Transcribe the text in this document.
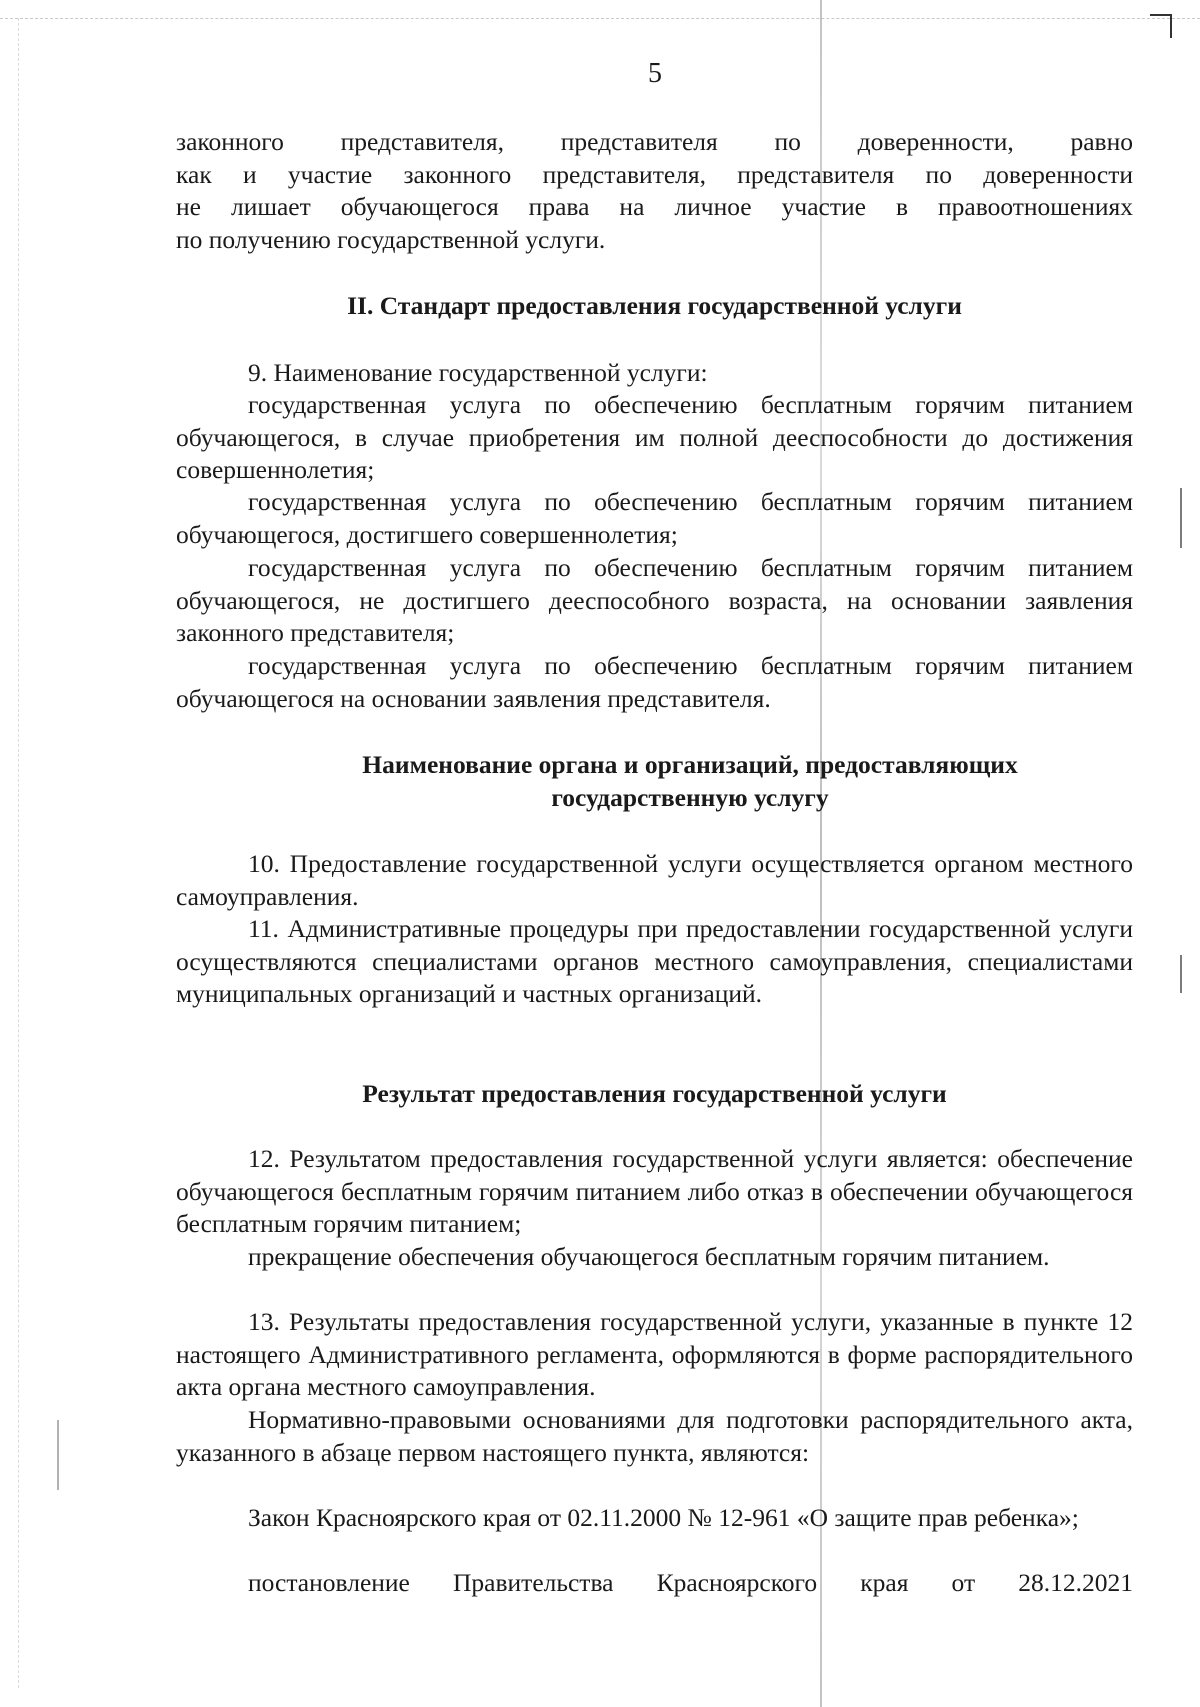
5

законного представителя, представителя по доверенности, равно

как и участие законного представителя, представителя по доверенности

не лишает обучающегося права на личное участие в правоотношениях

по получению государственной услуги.

II. Стандарт предоставления государственной услуги

9. Наименование государственной услуги:

государственная услуга по обеспечению бесплатным горячим питанием обучающегося, в случае приобретения им полной дееспособности до достижения совершеннолетия;

государственная услуга по обеспечению бесплатным горячим питанием обучающегося, достигшего совершеннолетия;

государственная услуга по обеспечению бесплатным горячим питанием обучающегося, не достигшего дееспособного возраста, на основании заявления законного представителя;

государственная услуга по обеспечению бесплатным горячим питанием обучающегося на основании заявления представителя.

Наименование органа и организаций, предоставляющих государственную услугу

10. Предоставление государственной услуги осуществляется органом местного самоуправления.

11. Административные процедуры при предоставлении государственной услуги осуществляются специалистами органов местного самоуправления, специалистами муниципальных организаций и частных организаций.

Результат предоставления государственной услуги

12. Результатом предоставления государственной услуги является: обеспечение обучающегося бесплатным горячим питанием либо отказ в обеспечении обучающегося бесплатным горячим питанием;

прекращение обеспечения обучающегося бесплатным горячим питанием.

13. Результаты предоставления государственной услуги, указанные в пункте 12 настоящего Административного регламента, оформляются в форме распорядительного акта органа местного самоуправления.

Нормативно-правовыми основаниями для подготовки распорядительного акта, указанного в абзаце первом настоящего пункта, являются:

Закон Красноярского края от 02.11.2000 № 12-961 «О защите прав ребенка»;

постановление Правительства Красноярского края от 28.12.2021
